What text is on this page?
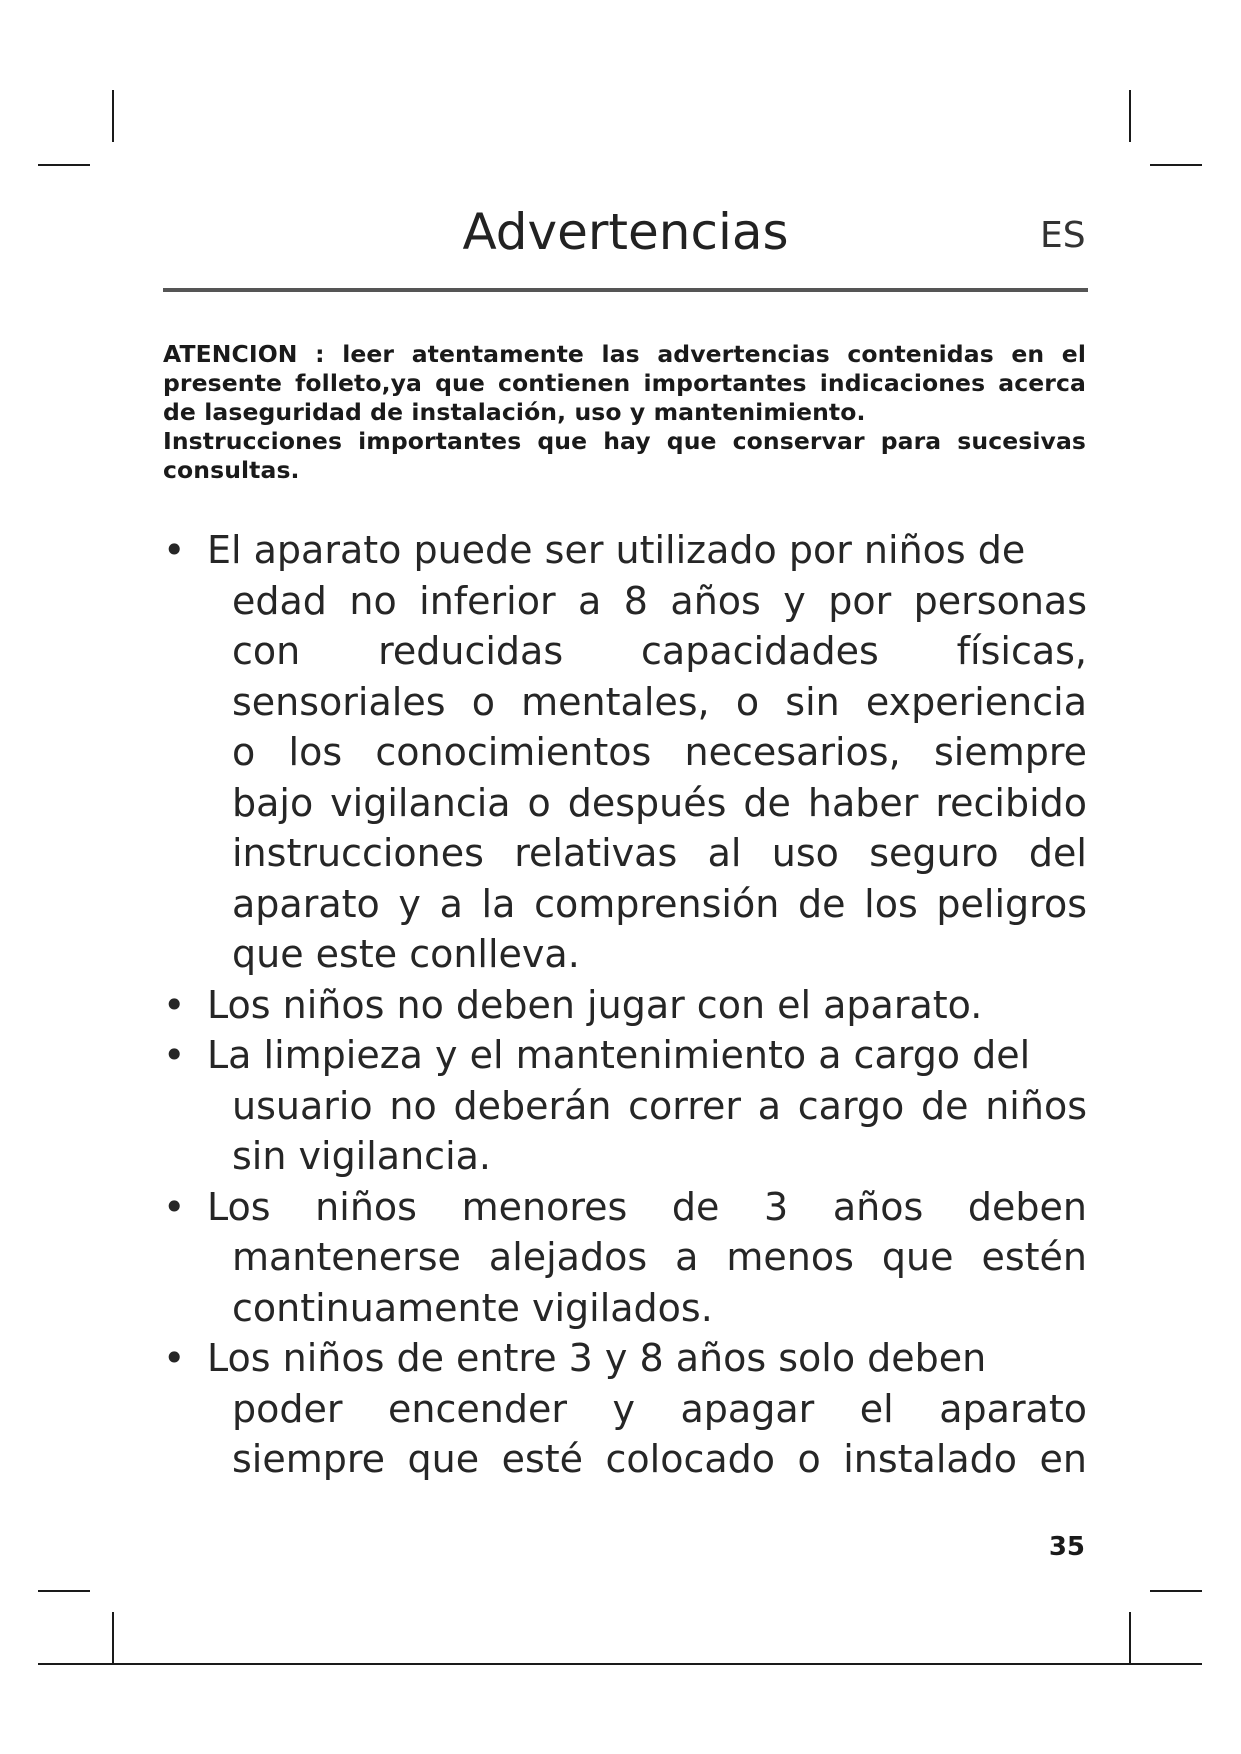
Advertencias	ES

ATENCION : leer atentamente las advertencias contenidas en el presente folleto,ya que contienen importantes indicaciones acerca de laseguridad de instalación, uso y mantenimiento.

Instrucciones importantes que hay que conservar para sucesivas consultas.

• El aparato puede ser utilizado por niños de
edad no inferior a 8 años y por personas
con reducidas capacidades físicas,
sensoriales o mentales, o sin experiencia
o los conocimientos necesarios, siempre
bajo vigilancia o después de haber recibido
instrucciones relativas al uso seguro del
aparato y a la comprensión de los peligros
que este conlleva.
• Los niños no deben jugar con el aparato.
• La limpieza y el mantenimiento a cargo del
usuario no deberán correr a cargo de niños
sin vigilancia.
• Los niños menores de 3 años deben
mantenerse alejados a menos que estén
continuamente vigilados.
• Los niños de entre 3 y 8 años solo deben
poder encender y apagar el aparato
siempre que esté colocado o instalado en
35
